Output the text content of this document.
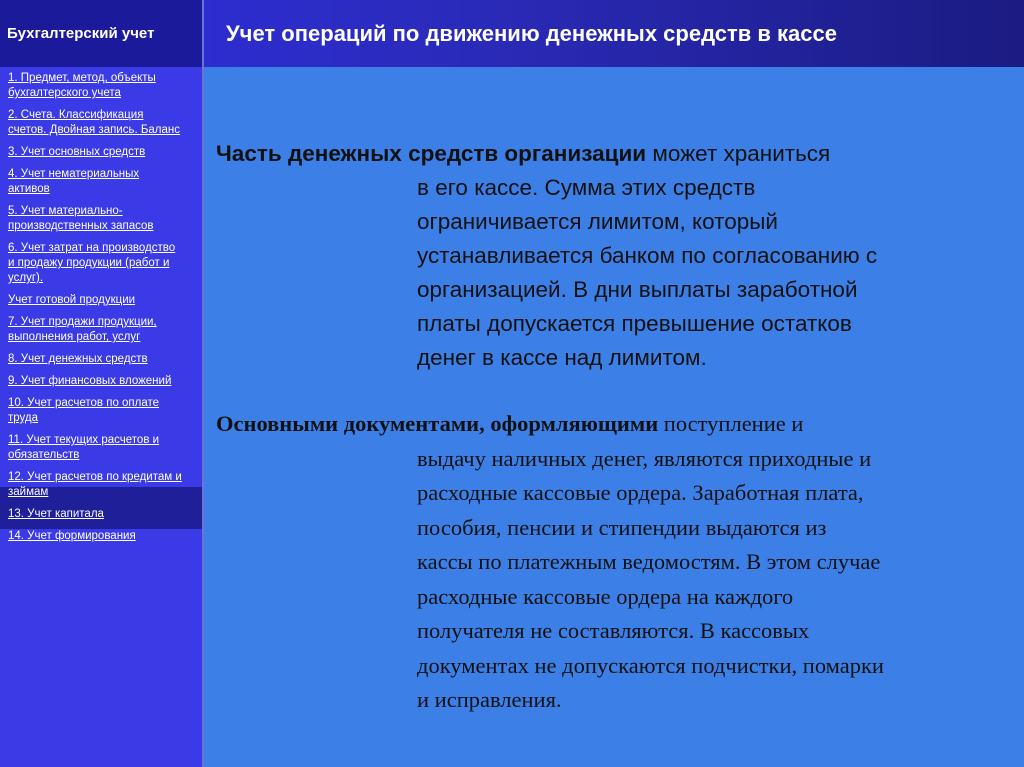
Бухгалтерский учет
1. Предмет, метод, объекты бухгалтерского учета
2. Счета. Классификация счетов. Двойная запись. Баланс
3. Учет основных средств
4. Учет нематериальных активов
5. Учет материально-производственных запасов
6. Учет затрат на производство и продажу продукции (работ и услуг).
Учет готовой продукции
7. Учет продажи продукции, выполнения работ, услуг
8. Учет денежных средств
9. Учет финансовых вложений
10. Учет расчетов по оплате труда
11. Учет текущих расчетов и обязательств
12. Учет расчетов по кредитам и займам
13. Учет капитала
14. Учет формирования
Учет операций по движению денежных средств в кассе
Часть денежных средств организации может храниться
в его кассе. Сумма этих средств
ограничивается лимитом, который
устанавливается банком по согласованию с
организацией. В дни выплаты заработной
платы допускается превышение остатков
денег в кассе над лимитом.
Основными документами, оформляющими поступление и
выдачу наличных денег, являются приходные и
расходные кассовые ордера. Заработная плата,
пособия, пенсии и стипендии выдаются из
кассы по платежным ведомостям. В этом случае
расходные кассовые ордера на каждого
получателя не составляются. В кассовых
документах не допускаются подчистки, помарки
и исправления.
